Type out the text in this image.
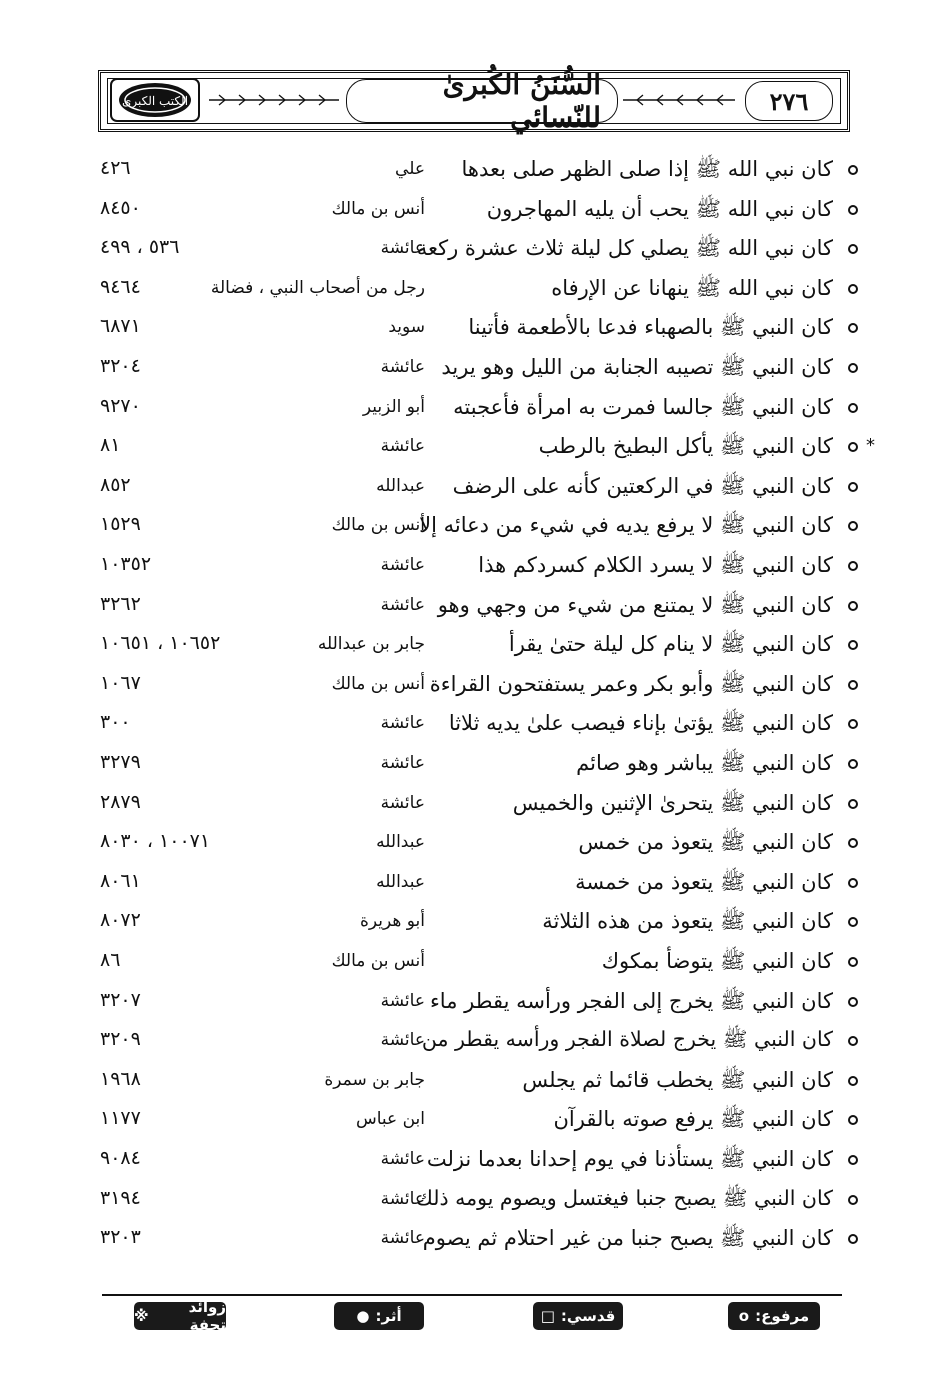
الكتب الكبرى	السُّنَنُ الكُبرىٰ للنّسائي	٢٧٦
كان نبي الله ﷺ إذا صلى الظهر صلى بعدها
علي
٤٢٦
كان نبي الله ﷺ يحب أن يليه المهاجرون
أنس بن مالك
٨٤٥٠
كان نبي الله ﷺ يصلي كل ليلة ثلاث عشرة ركعة
عائشة
٥٣٦ ، ٤٩٩
كان نبي الله ﷺ ينهانا عن الإرفاه
رجل من أصحاب النبي ، فضالة
٩٤٦٤
كان النبي ﷺ بالصهباء فدعا بالأطعمة فأتينا
سويد
٦٨٧١
كان النبي ﷺ تصيبه الجنابة من الليل وهو يريد
عائشة
٣٢٠٤
كان النبي ﷺ جالسا فمرت به امرأة فأعجبته
أبو الزبير
٩٢٧٠
*
كان النبي ﷺ يأكل البطيخ بالرطب
عائشة
٨١
كان النبي ﷺ في الركعتين كأنه على الرضف
عبدالله
٨٥٢
كان النبي ﷺ لا يرفع يديه في شيء من دعائه إلا
أنس بن مالك
١٥٢٩
كان النبي ﷺ لا يسرد الكلام كسردكم هذا
عائشة
١٠٣٥٢
كان النبي ﷺ لا يمتنع من شيء من وجهي وهو
عائشة
٣٢٦٢
كان النبي ﷺ لا ينام كل ليلة حتىٰ يقرأ
جابر بن عبدالله
١٠٦٥٢ ، ١٠٦٥١
كان النبي ﷺ وأبو بكر وعمر يستفتحون القراءة
أنس بن مالك
١٠٦٧
كان النبي ﷺ يؤتىٰ بإناء فيصب علىٰ يديه ثلاثا
عائشة
٣٠٠
كان النبي ﷺ يباشر وهو صائم
عائشة
٣٢٧٩
كان النبي ﷺ يتحرىٰ الإثنين والخميس
عائشة
٢٨٧٩
كان النبي ﷺ يتعوذ من خمس
عبدالله
١٠٠٧١ ، ٨٠٣٠
كان النبي ﷺ يتعوذ من خمسة
عبدالله
٨٠٦١
كان النبي ﷺ يتعوذ من هذه الثلاثة
أبو هريرة
٨٠٧٢
كان النبي ﷺ يتوضأ بمكوك
أنس بن مالك
٨٦
كان النبي ﷺ يخرج إلى الفجر ورأسه يقطر ماء
عائشة
٣٢٠٧
كان النبي ﷺ يخرج لصلاة الفجر ورأسه يقطر من
عائشة
٣٢٠٩
كان النبي ﷺ يخطب قائما ثم يجلس
جابر بن سمرة
١٩٦٨
كان النبي ﷺ يرفع صوته بالقرآن
ابن عباس
١١٧٧
كان النبي ﷺ يستأذنا في يوم إحدانا بعدما نزلت
عائشة
٩٠٨٤
كان النبي ﷺ يصبح جنبا فيغتسل ويصوم يومه ذلك
عائشة
٣١٩٤
كان النبي ﷺ يصبح جنبا من غير احتلام ثم يصوم
عائشة
٣٢٠٣
مرفوع:
o
قدسي:
□
أثر:
●
زوائد تحفة
※
